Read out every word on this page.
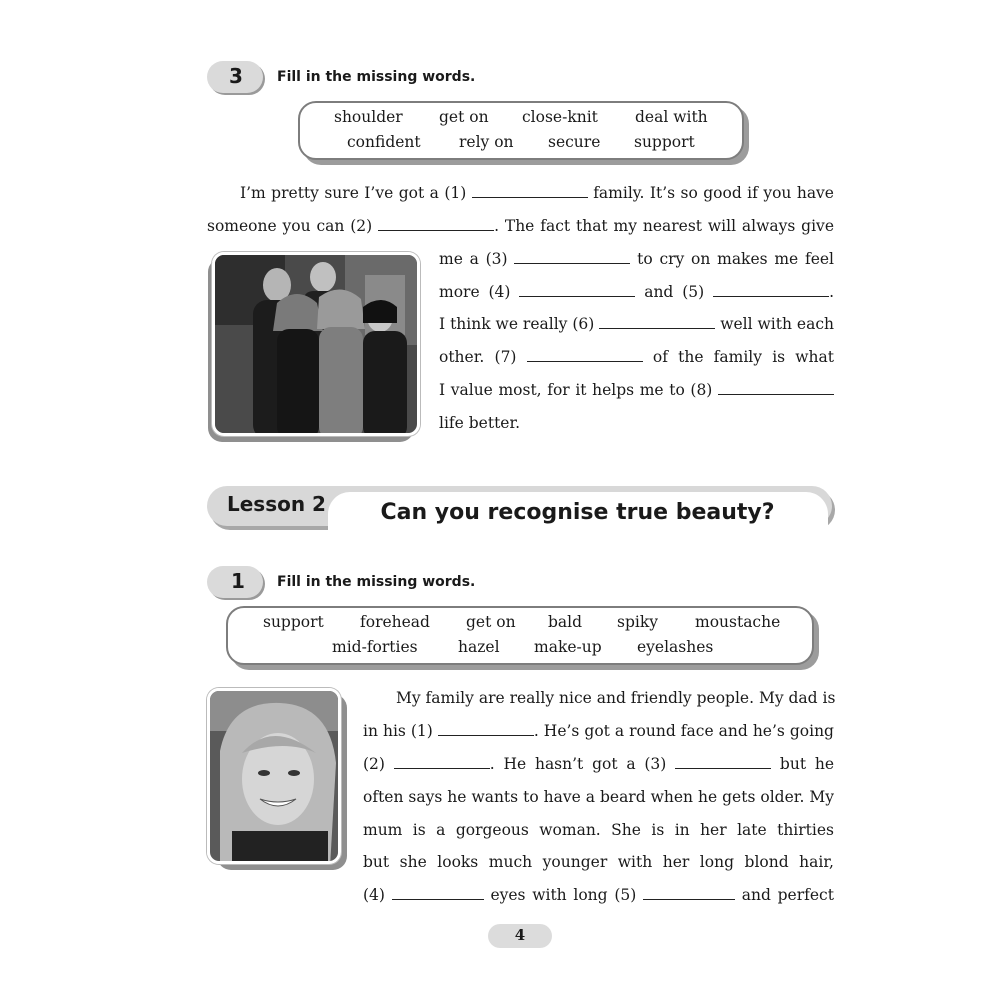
3 Fill in the missing words.
shoulder get on close-knit deal with
confident rely on secure support
I’m pretty sure I’ve got a (1)	family. It’s so good if you have
someone you can (2)	. The fact that my nearest will always give
me a (3)	to cry on makes me feel
more (4)	and (5)	.
I think we really (6)	well with each
other. (7)	of the family is what
I value most, for it helps me to (8)
life better.
Lesson 2	Can you recognise true beauty?
1 Fill in the missing words.
support forehead get on bald spiky moustache
mid-forties	hazel make-up eyelashes
My family are really nice and friendly people. My dad is
in his (1)	. He’s got a round face and he’s going
(2)	. He hasn’t got a (3)	but he
often says he wants to have a beard when he gets older. My
mum is a gorgeous woman. She is in her late thirties
but she looks much younger with her long blond hair,
(4)	eyes with long (5)	and perfect
4
